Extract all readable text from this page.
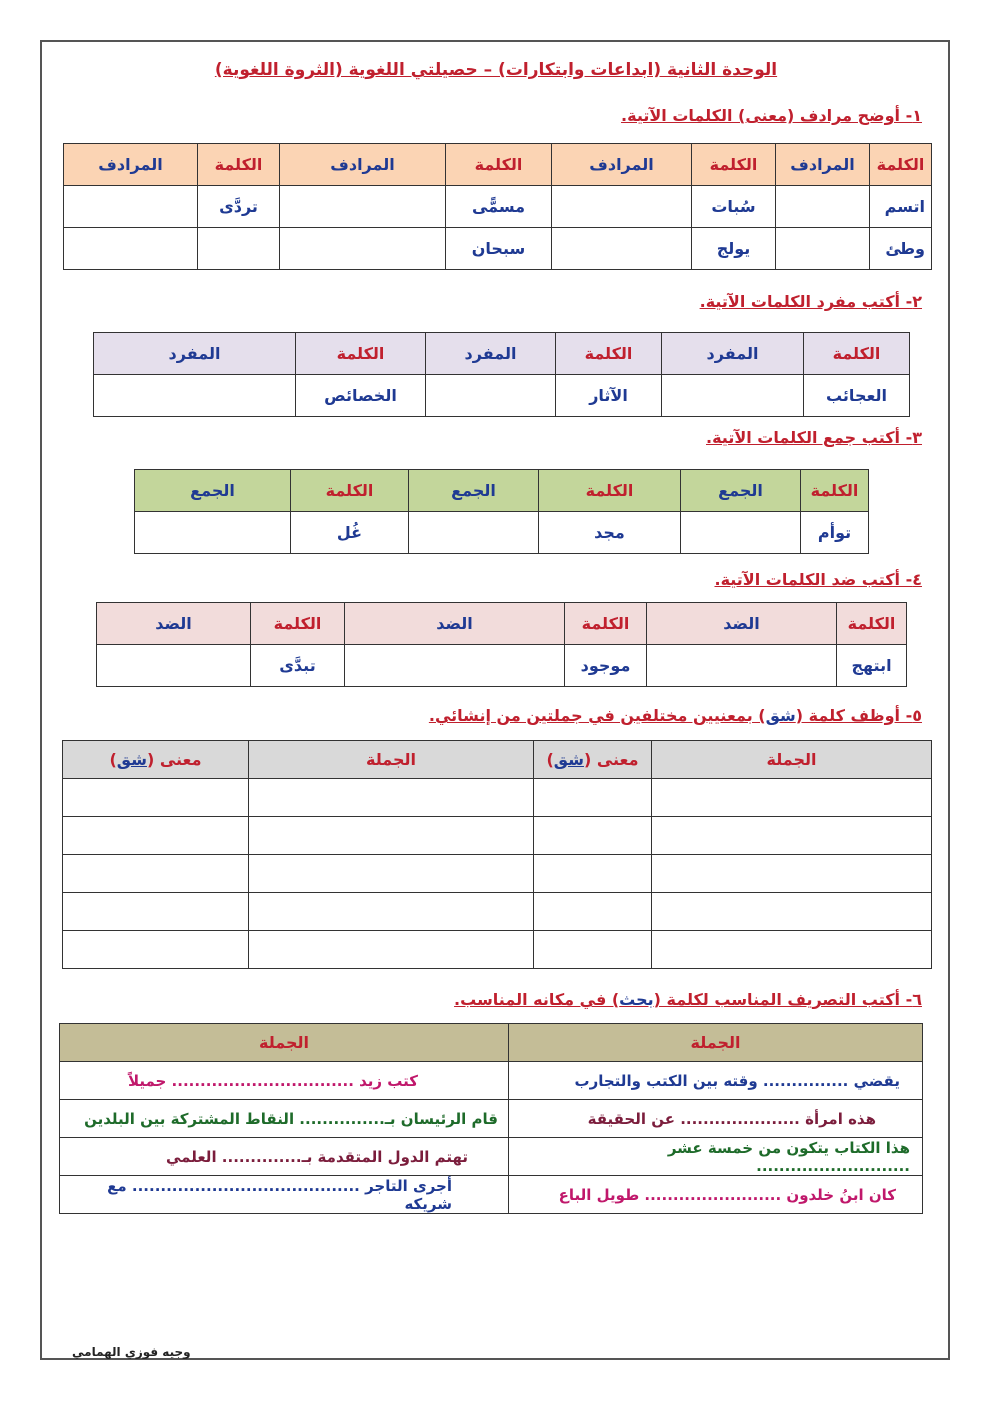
الوحدة الثانية (ابداعات وابتكارات) – حصيلتي اللغوية (الثروة اللغوية)
١- أوضح مرادف (معنى) الكلمات الآتية.
الكلمة	المرادف	الكلمة	المرادف	الكلمة	المرادف	الكلمة	المرادف
اتسم		سُبات		مسمًّى		تردَّى	
وطئ		يولج		سبحان			
٢- أكتب مفرد الكلمات الآتية.
الكلمة	المفرد	الكلمة	المفرد	الكلمة	المفرد
العجائب		الآثار		الخصائص	
٣- أكتب جمع الكلمات الآتية.
الكلمة	الجمع	الكلمة	الجمع	الكلمة	الجمع
توأم		مجد		غُل	
٤- أكتب ضد الكلمات الآتية.
الكلمة	الضد	الكلمة	الضد	الكلمة	الضد
ابتهج		موجود		تبدَّى	
٥- أوظف كلمة (شق) بمعنيين مختلفين في جملتين من إنشائي.
الجملة	معنى (شق)	الجملة	معنى (شق)

٦- أكتب التصريف المناسب لكلمة (بحث) في مكانه المناسب.
الجملة	الجملة
يقضي ............... وقته بين الكتب والتجارب	كتب زيد ................................ جميلاً
هذه امرأة ..................... عن الحقيقة	قام الرئيسان بـ............... النقاط المشتركة بين البلدين
هذا الكتاب يتكون من خمسة عشر ...........................	تهتم الدول المتقدمة بـ.............. العلمي
كان ابنُ خلدون ........................ طويل الباع	أجرى التاجر ........................................ مع شريكه
وجيه فوزي الهمامي
